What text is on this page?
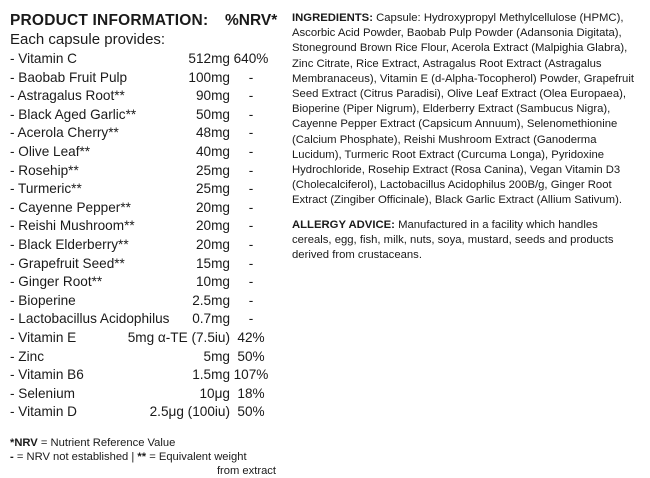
PRODUCT INFORMATION: %NRV*
Each capsule provides:
- Vitamin C	512mg 640%
- Baobab Fruit Pulp	100mg	-
- Astragalus Root**	90mg	-
- Black Aged Garlic**	50mg	-
- Acerola Cherry**	48mg	-
- Olive Leaf**	40mg	-
- Rosehip**	25mg	-
- Turmeric**	25mg	-
- Cayenne Pepper**	20mg	-
- Reishi Mushroom**	20mg	-
- Black Elderberry**	20mg	-
- Grapefruit Seed**	15mg	-
- Ginger Root**	10mg	-
- Bioperine	2.5mg	-
- Lactobacillus Acidophilus 0.7mg	-
- Vitamin E	5mg α-TE (7.5iu) 42%
- Zinc	5mg 50%
- Vitamin B6	1.5mg 107%
- Selenium	10μg 18%
- Vitamin D	2.5μg (100iu) 50%
*NRV = Nutrient Reference Value
- = NRV not established | ** = Equivalent weight
from extract

INGREDIENTS: Capsule: Hydroxypropyl Methylcellulose (HPMC), Ascorbic Acid Powder, Baobab Pulp Powder (Adansonia Digitata), Stoneground Brown Rice Flour, Acerola Extract (Malpighia Glabra), Zinc Citrate, Rice Extract, Astragalus Root Extract (Astragalus Membranaceus), Vitamin E (d-Alpha-Tocopherol) Powder, Grapefruit Seed Extract (Citrus Paradisi), Olive Leaf Extract (Olea Europaea), Bioperine (Piper Nigrum), Elderberry Extract (Sambucus Nigra), Cayenne Pepper Extract (Capsicum Annuum), Selenomethionine (Calcium Phosphate), Reishi Mushroom Extract (Ganoderma Lucidum), Turmeric Root Extract (Curcuma Longa), Pyridoxine Hydrochloride, Rosehip Extract (Rosa Canina), Vegan Vitamin D3 (Cholecalciferol), Lactobacillus Acidophilus 200B/g, Ginger Root Extract (Zingiber Officinale), Black Garlic Extract (Allium Sativum).

ALLERGY ADVICE: Manufactured in a facility which handles cereals, egg, fish, milk, nuts, soya, mustard, seeds and products derived from crustaceans.
